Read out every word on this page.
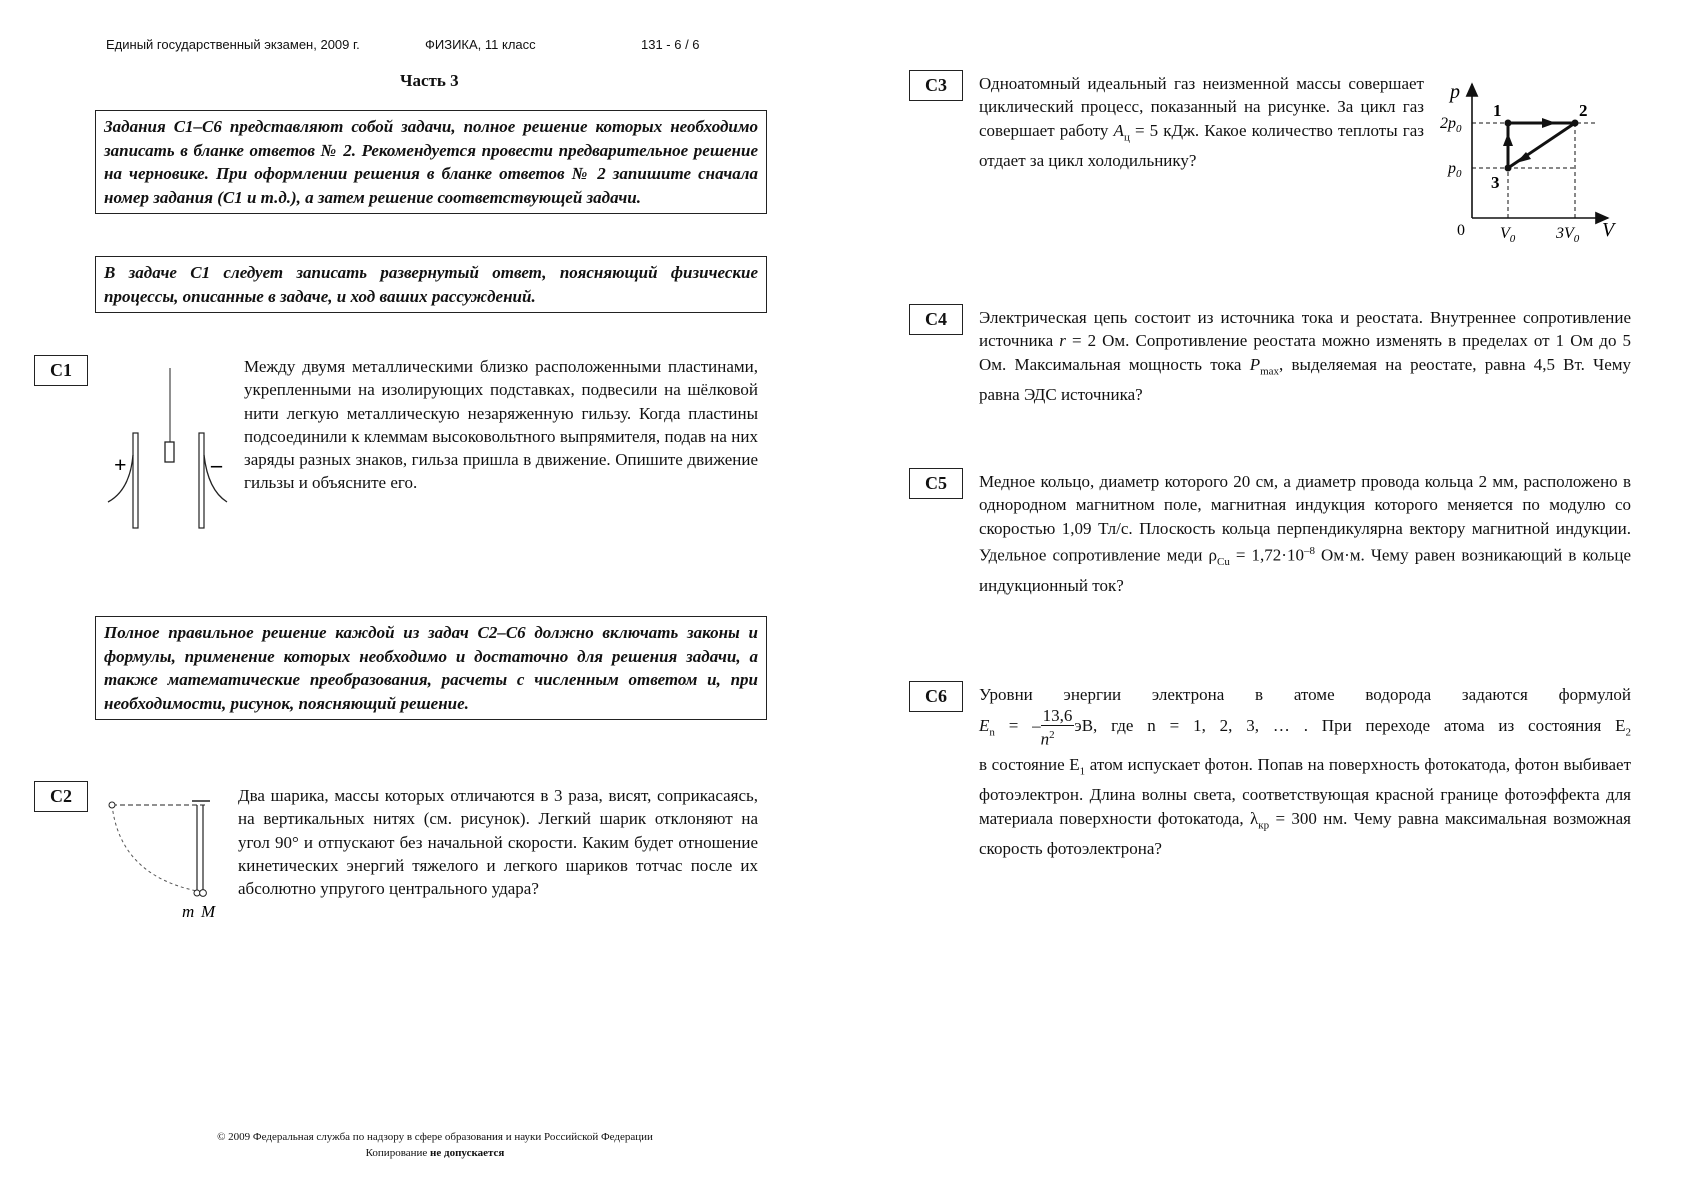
Единый государственный экзамен, 2009 г.	ФИЗИКА, 11 класс	131 - 6 / 6
Часть 3
Задания С1–С6 представляют собой задачи, полное решение которых необходимо записать в бланке ответов № 2. Рекомендуется провести предварительное решение на черновике. При оформлении решения в бланке ответов № 2 запишите сначала номер задания (С1 и т.д.), а затем решение соответствующей задачи.
В задаче С1 следует записать развернутый ответ, поясняющий физические процессы, описанные в задаче, и ход ваших рассуждений.
Полное правильное решение каждой из задач С2–С6 должно включать законы и формулы, применение которых необходимо и достаточно для решения задачи, а также математические преобразования, расчеты с численным ответом и, при необходимости, рисунок, поясняющий решение.
С1
+	–
Между двумя металлическими близко расположенными пластинами, укрепленными на изолирующих подставках, подвесили на шёлковой нити легкую металлическую незаряженную гильзу. Когда пластины подсоединили к клеммам высоковольтного выпрямителя, подав на них заряды разных знаков, гильза пришла в движение. Опишите движение гильзы и объясните его.
С2
m M
Два шарика, массы которых отличаются в 3 раза, висят, соприкасаясь, на вертикальных нитях (см. рисунок). Легкий шарик отклоняют на угол 90° и отпускают без начальной скорости. Каким будет отношение кинетических энергий тяжелого и легкого шариков тотчас после их абсолютно упругого центрального удара?
С3	Одноатомный идеальный газ неизменной массы совершает циклический процесс, показанный на рисунке. За цикл газ совершает работу $A_ц = 5$ кДж. Какое количество теплоты газ отдает за цикл холодильнику?
p
V
0
$2p_0$
$p_0$
$V_0$	$3V_0$
1	2
3
С4	Электрическая цепь состоит из источника тока и реостата. Внутреннее сопротивление источника r = 2 Ом. Сопротивление реостата можно изменять в пределах от 1 Ом до 5 Ом. Максимальная мощность тока $P_{max}$, выделяемая на реостате, равна 4,5 Вт. Чему равна ЭДС источника?
С5	Медное кольцо, диаметр которого 20 см, а диаметр провода кольца 2 мм, расположено в однородном магнитном поле, магнитная индукция которого меняется по модулю со скоростью 1,09 Тл/с. Плоскость кольца перпендикулярна вектору магнитной индукции. Удельное сопротивление меди $\rho_{Cu} = 1,72\cdot 10^{-8}$ Ом·м. Чему равен возникающий в кольце индукционный ток?
С6	Уровни энергии электрона в атоме водорода задаются формулой

$E_n$ = – $\frac{13,6}{n^2}$ эВ, где n = 1, 2, 3, … . При переходе атома из состояния $E_2$

в состояние $E_1$ атом испускает фотон. Попав на поверхность фотокатода, фотон выбивает фотоэлектрон. Длина волны света, соответствующая красной границе фотоэффекта для материала поверхности фотокатода, $\lambda_{кр} = 300$ нм. Чему равна максимальная возможная скорость фотоэлектрона?

© 2009 Федеральная служба по надзору в сфере образования и науки Российской Федерации
Копирование не допускается
